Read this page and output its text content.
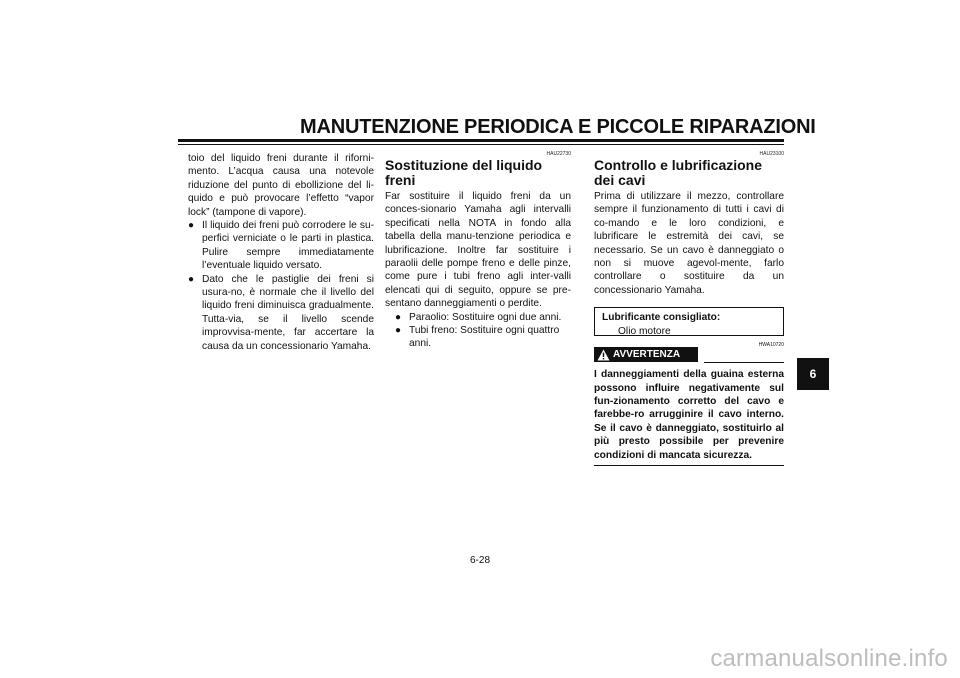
MANUTENZIONE PERIODICA E PICCOLE RIPARAZIONI
toio del liquido freni durante il riforni-mento. L’acqua causa una notevole riduzione del punto di ebollizione del li-quido e può provocare l’effetto “vapor lock” (tampone di vapore).
● Il liquido dei freni può corrodere le su-perfici verniciate o le parti in plastica. Pulire sempre immediatamente l’eventuale liquido versato.
● Dato che le pastiglie dei freni si usura-no, è normale che il livello del liquido freni diminuisca gradualmente. Tutta-via, se il livello scende improvvisa-mente, far accertare la causa da un concessionario Yamaha.
HAU22730
Sostituzione del liquido freni
Far sostituire il liquido freni da un conces-sionario Yamaha agli intervalli specificati nella NOTA in fondo alla tabella della manu-tenzione periodica e lubrificazione. Inoltre far sostituire i paraolii delle pompe freno e delle pinze, come pure i tubi freno agli inter-valli elencati qui di seguito, oppure se pre-sentano danneggiamenti o perdite.
● Paraolio: Sostituire ogni due anni.
● Tubi freno: Sostituire ogni quattro anni.
HAU23100
Controllo e lubrificazione dei cavi
Prima di utilizzare il mezzo, controllare sempre il funzionamento di tutti i cavi di co-mando e le loro condizioni, e lubrificare le estremità dei cavi, se necessario. Se un cavo è danneggiato o non si muove agevol-mente, farlo controllare o sostituire da un concessionario Yamaha.
Lubrificante consigliato:
Olio motore
HWA10720
AVVERTENZA
I danneggiamenti della guaina esterna possono influire negativamente sul fun-zionamento corretto del cavo e farebbe-ro arrugginire il cavo interno. Se il cavo è danneggiato, sostituirlo al più presto possibile per prevenire condizioni di mancata sicurezza.
6
6-28
carmanualsonline.info
